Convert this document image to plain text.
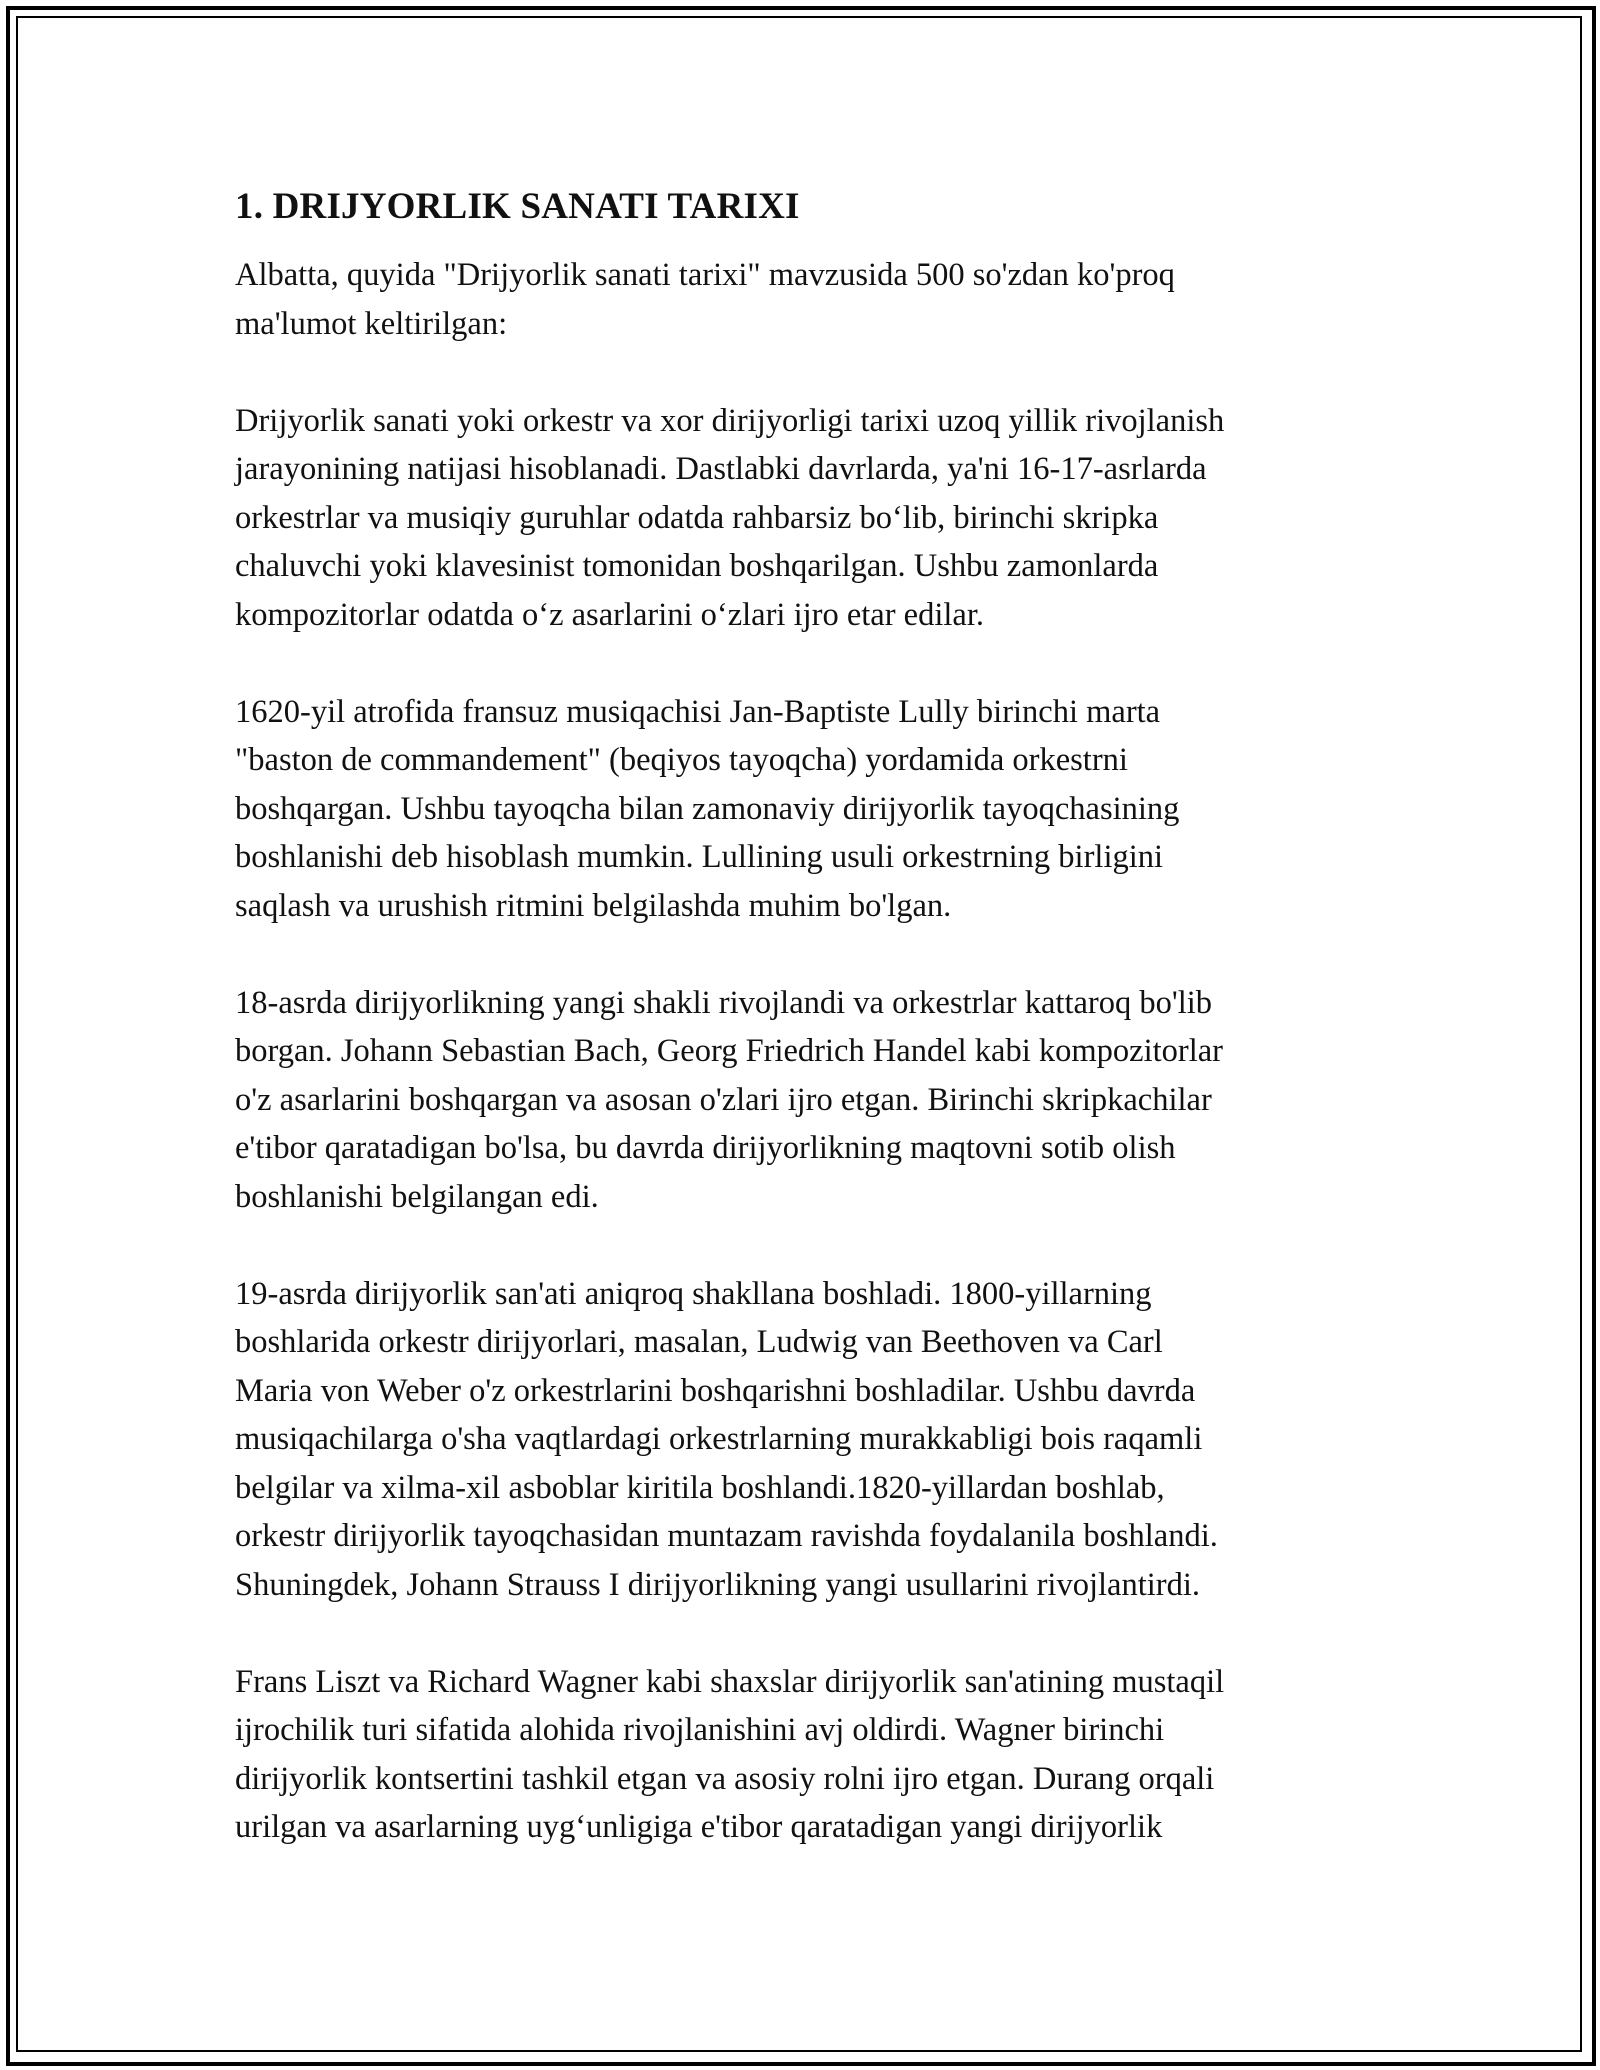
1. DRIJYORLIK SANATI TARIXI

Albatta, quyida "Drijyorlik sanati tarixi" mavzusida 500 so'zdan ko'proq
ma'lumot keltirilgan:

Drijyorlik sanati yoki orkestr va xor dirijyorligi tarixi uzoq yillik rivojlanish
jarayonining natijasi hisoblanadi. Dastlabki davrlarda, ya'ni 16-17-asrlarda
orkestrlar va musiqiy guruhlar odatda rahbarsiz bo‘lib, birinchi skripka
chaluvchi yoki klavesinist tomonidan boshqarilgan. Ushbu zamonlarda
kompozitorlar odatda o‘z asarlarini o‘zlari ijro etar edilar.

1620-yil atrofida fransuz musiqachisi Jan-Baptiste Lully birinchi marta
"baston de commandement" (beqiyos tayoqcha) yordamida orkestrni
boshqargan. Ushbu tayoqcha bilan zamonaviy dirijyorlik tayoqchasining
boshlanishi deb hisoblash mumkin. Lullining usuli orkestrning birligini
saqlash va urushish ritmini belgilashda muhim bo'lgan.

18-asrda dirijyorlikning yangi shakli rivojlandi va orkestrlar kattaroq bo'lib
borgan. Johann Sebastian Bach, Georg Friedrich Handel kabi kompozitorlar
o'z asarlarini boshqargan va asosan o'zlari ijro etgan. Birinchi skripkachilar
e'tibor qaratadigan bo'lsa, bu davrda dirijyorlikning maqtovni sotib olish
boshlanishi belgilangan edi.

19-asrda dirijyorlik san'ati aniqroq shakllana boshladi. 1800-yillarning
boshlarida orkestr dirijyorlari, masalan, Ludwig van Beethoven va Carl
Maria von Weber o'z orkestrlarini boshqarishni boshladilar. Ushbu davrda
musiqachilarga o'sha vaqtlardagi orkestrlarning murakkabligi bois raqamli
belgilar va xilma-xil asboblar kiritila boshlandi.1820-yillardan boshlab,
orkestr dirijyorlik tayoqchasidan muntazam ravishda foydalanila boshlandi.
Shuningdek, Johann Strauss I dirijyorlikning yangi usullarini rivojlantirdi.

Frans Liszt va Richard Wagner kabi shaxslar dirijyorlik san'atining mustaqil
ijrochilik turi sifatida alohida rivojlanishini avj oldirdi. Wagner birinchi
dirijyorlik kontsertini tashkil etgan va asosiy rolni ijro etgan. Durang orqali
urilgan va asarlarning uyg‘unligiga e'tibor qaratadigan yangi dirijyorlik
